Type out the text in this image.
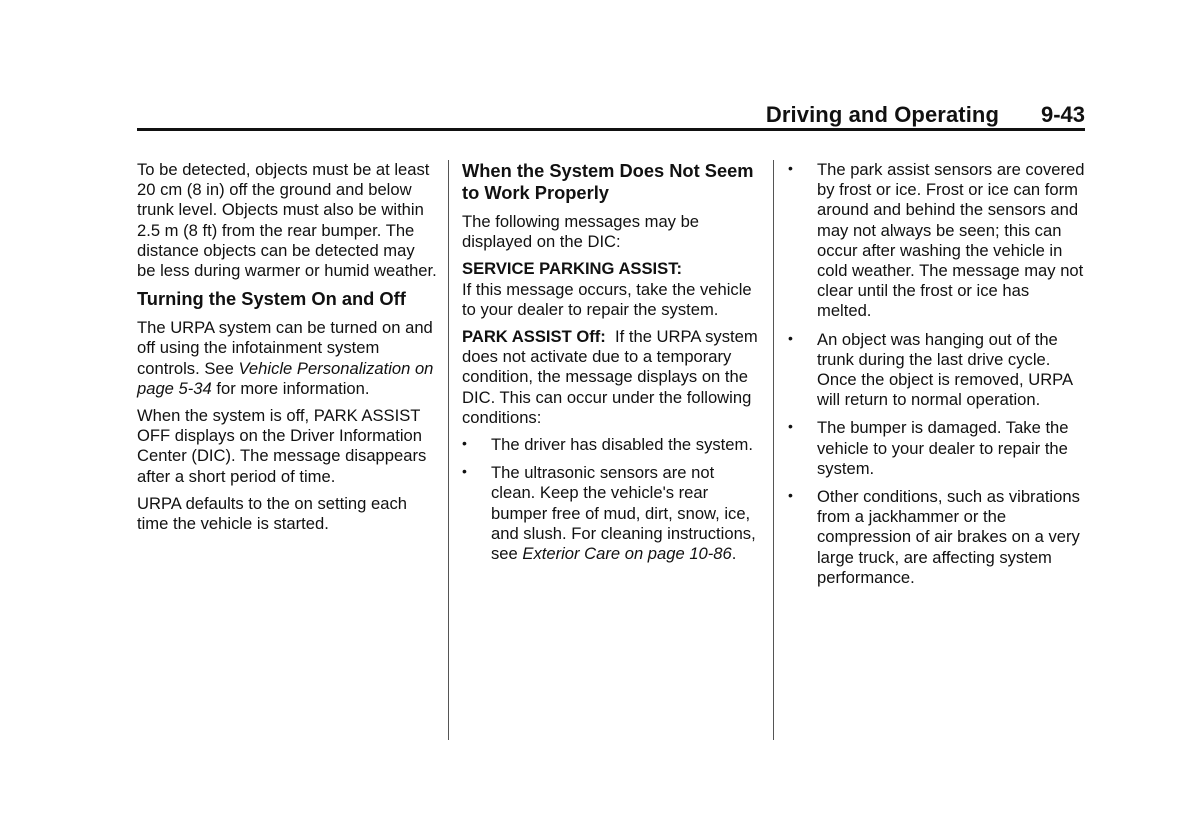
Driving and Operating 9-43

To be detected, objects must be at least 20 cm (8 in) off the ground and below trunk level. Objects must also be within 2.5 m (8 ft) from the rear bumper. The distance objects can be detected may be less during warmer or humid weather.

Turning the System On and Off

The URPA system can be turned on and off using the infotainment system controls. See Vehicle Personalization on page 5-34 for more information.

When the system is off, PARK ASSIST OFF displays on the Driver Information Center (DIC). The message disappears after a short period of time.

URPA defaults to the on setting each time the vehicle is started.

When the System Does Not Seem to Work Properly

The following messages may be displayed on the DIC:

SERVICE PARKING ASSIST:
If this message occurs, take the vehicle to your dealer to repair the system.

PARK ASSIST Off: If the URPA system does not activate due to a temporary condition, the message displays on the DIC. This can occur under the following conditions:

• The driver has disabled the system.
• The ultrasonic sensors are not clean. Keep the vehicle's rear bumper free of mud, dirt, snow, ice, and slush. For cleaning instructions, see Exterior Care on page 10-86.
• The park assist sensors are covered by frost or ice. Frost or ice can form around and behind the sensors and may not always be seen; this can occur after washing the vehicle in cold weather. The message may not clear until the frost or ice has melted.
• An object was hanging out of the trunk during the last drive cycle. Once the object is removed, URPA will return to normal operation.
• The bumper is damaged. Take the vehicle to your dealer to repair the system.
• Other conditions, such as vibrations from a jackhammer or the compression of air brakes on a very large truck, are affecting system performance.
